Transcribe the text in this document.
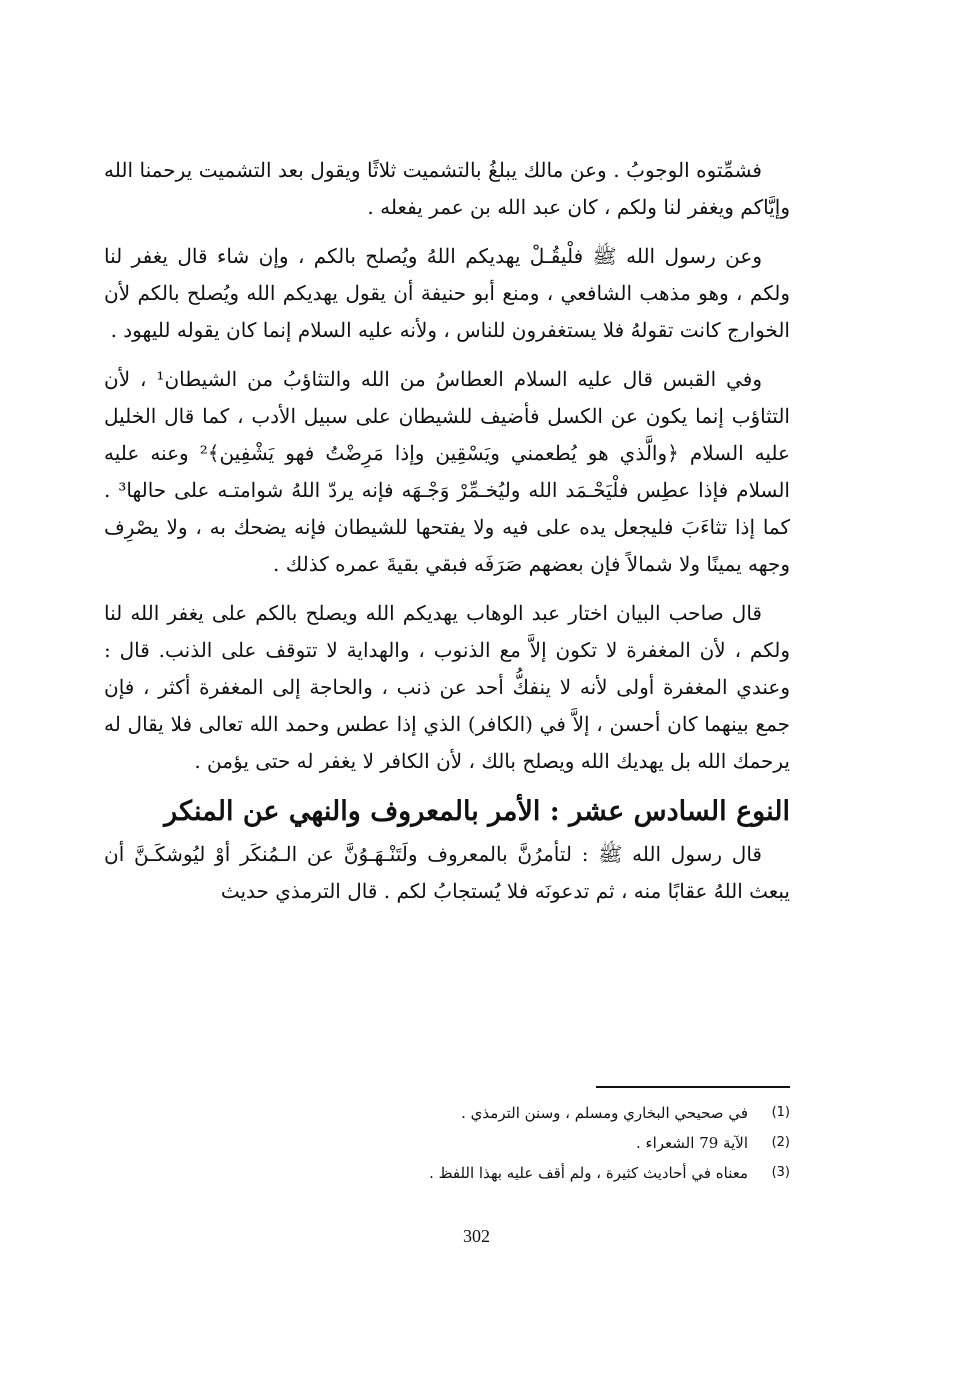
فشمِّتوه الوجوبُ . وعن مالك يبلغُ بالتشميت ثلاثًا ويقول بعد التشميت يرحمنا الله وإيَّاكم ويغفر لنا ولكم ، كان عبد الله بن عمر يفعله .

وعن رسول الله ﷺ فلْيقُـلْ يهديكم اللهُ ويُصلح بالكم ، وإن شاء قال يغفر لنا ولكم ، وهو مذهب الشافعي ، ومنع أبو حنيفة أن يقول يهديكم الله ويُصلح بالكم لأن الخوارج كانت تقولهُ فلا يستغفرون للناس ، ولأنه عليه السلام إنما كان يقوله لليهود .

وفي القبس قال عليه السلام العطاسُ من الله والتثاؤبُ من الشيطان¹ ، لأن التثاؤب إنما يكون عن الكسل فأضيف للشيطان على سبيل الأدب ، كما قال الخليل عليه السلام ﴿والَّذي هو يُطعمني ويَسْقِين وإذا مَرِضْتُ فهو يَشْفِين﴾² وعنه عليه السلام فإذا عطِس فلْيَحْـمَد الله وليُخـمِّرْ وَجْـهَه فإنه يردّ اللهُ شوامتـه على حالها³ . كما إذا تثاءَبَ فليجعل يده على فيه ولا يفتحها للشيطان فإنه يضحك به ، ولا يصْرِف وجهه يمينًا ولا شمالاً فإن بعضهم صَرَفَه فبقي بقيةَ عمره كذلك .

قال صاحب البيان اختار عبد الوهاب يهديكم الله ويصلح بالكم على يغفر الله لنا ولكم ، لأن المغفرة لا تكون إلاَّ مع الذنوب ، والهداية لا تتوقف على الذنب. قال : وعندي المغفرة أولى لأنه لا ينفكُّ أحد عن ذنب ، والحاجة إلى المغفرة أكثر ، فإن جمع بينهما كان أحسن ، إلاَّ في (الكافر) الذي إذا عطس وحمد الله تعالى فلا يقال له يرحمك الله بل يهديك الله ويصلح بالك ، لأن الكافر لا يغفر له حتى يؤمن .

النوع السادس عشر : الأمر بالمعروف والنهي عن المنكر

قال رسول الله ﷺ : لتأمرُنَّ بالمعروف ولَتَنْـهَـوُنَّ عن الـمُنكَر أوْ ليُوشكَـنَّ أن يبعث اللهُ عقابًا منه ، ثم تدعونَه فلا يُستجابُ لكم . قال الترمذي حديث

(1)
في صحيحي البخاري ومسلم ، وسنن الترمذي .
(2)
الآية 79 الشعراء .
(3)
معناه في أحاديث كثيرة ، ولم أقف عليه بهذا اللفظ .
302
